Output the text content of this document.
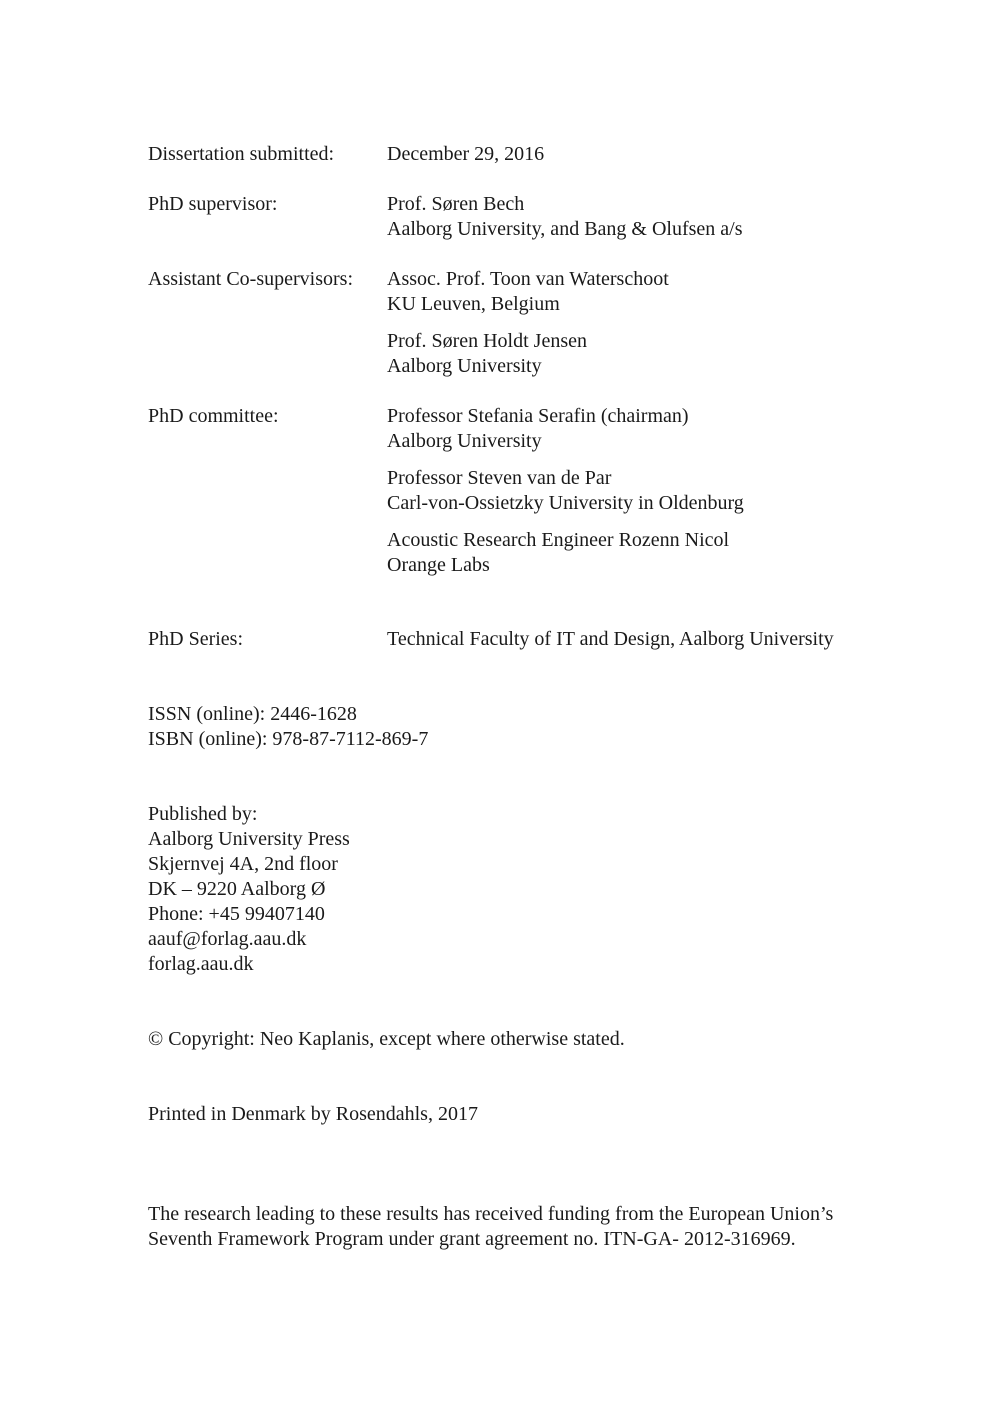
Dissertation submitted:	December 29, 2016
PhD supervisor:	Prof. Søren Bech
Aalborg University, and Bang & Olufsen a/s
Assistant Co-supervisors: Assoc. Prof. Toon van Waterschoot
KU Leuven, Belgium
Prof. Søren Holdt Jensen
Aalborg University
PhD committee:	Professor Stefania Serafin (chairman)
Aalborg University
Professor Steven van de Par
Carl-von-Ossietzky University in Oldenburg
Acoustic Research Engineer Rozenn Nicol
Orange Labs
PhD Series:	Technical Faculty of IT and Design, Aalborg University
ISSN (online): 2446-1628
ISBN (online): 978-87-7112-869-7
Published by:
Aalborg University Press
Skjernvej 4A, 2nd floor
DK – 9220 Aalborg Ø
Phone: +45 99407140
aauf@forlag.aau.dk
forlag.aau.dk
© Copyright: Neo Kaplanis, except where otherwise stated.
Printed in Denmark by Rosendahls, 2017
The research leading to these results has received funding from the European Union’s
Seventh Framework Program under grant agreement no. ITN-GA- 2012-316969.
